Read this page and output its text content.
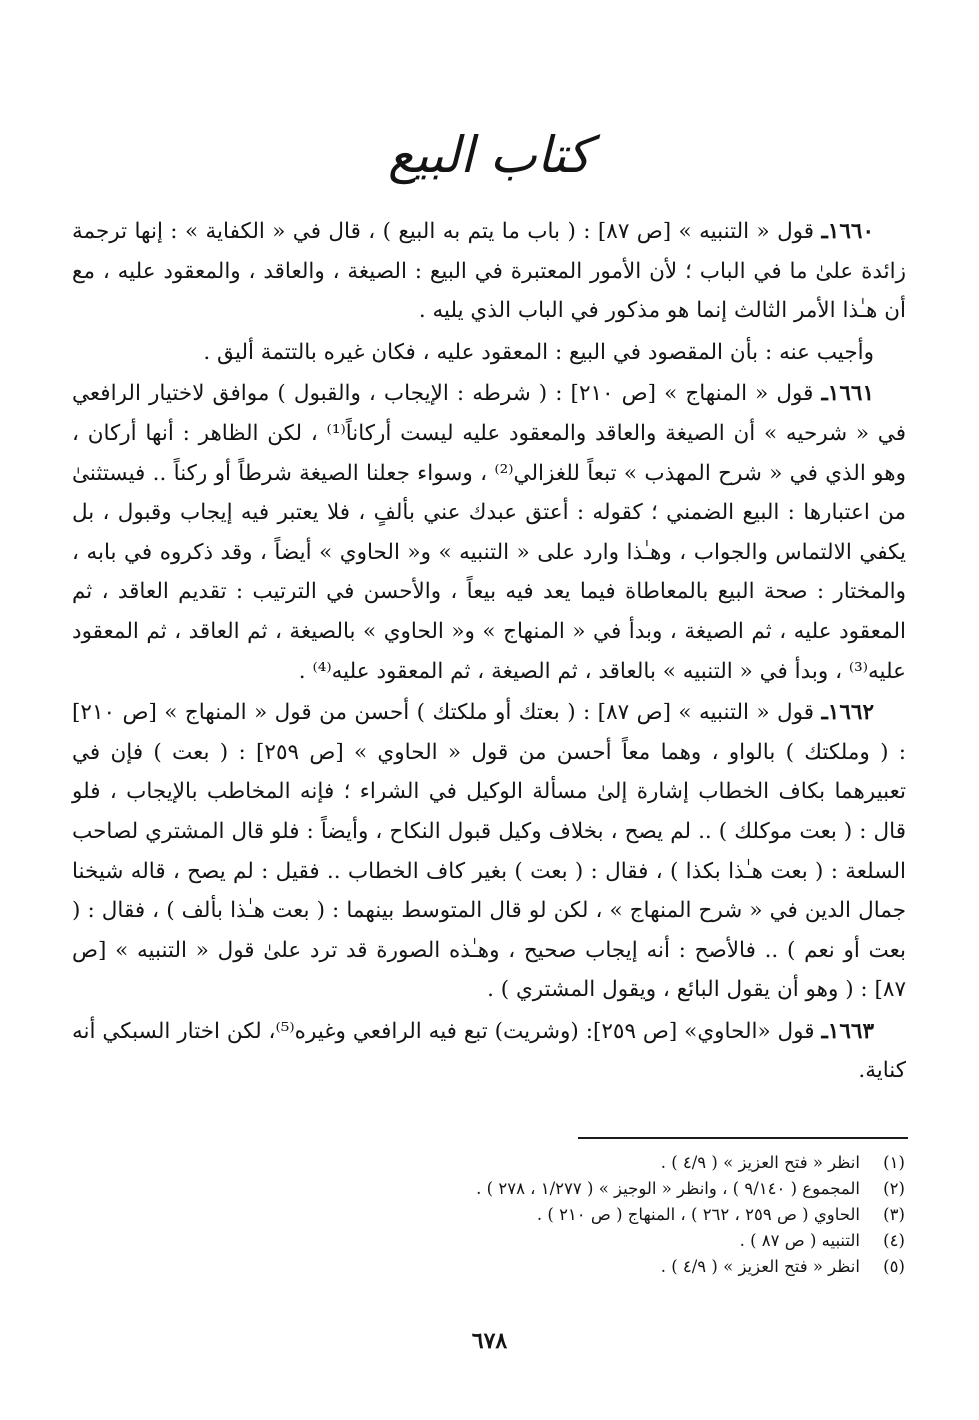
كتاب البيع

١٦٦٠ـ قول « التنبيه » [ص ٨٧] : ( باب ما يتم به البيع ) ، قال في « الكفاية » : إنها ترجمة زائدة علىٰ ما في الباب ؛ لأن الأمور المعتبرة في البيع : الصيغة ، والعاقد ، والمعقود عليه ، مع أن هـٰذا الأمر الثالث إنما هو مذكور في الباب الذي يليه .

وأجيب عنه : بأن المقصود في البيع : المعقود عليه ، فكان غيره بالتتمة أليق .

١٦٦١ـ قول « المنهاج » [ص ٢١٠] : ( شرطه : الإيجاب ، والقبول ) موافق لاختيار الرافعي في « شرحيه » أن الصيغة والعاقد والمعقود عليه ليست أركاناً⁽¹⁾ ، لكن الظاهر : أنها أركان ، وهو الذي في « شرح المهذب » تبعاً للغزالي⁽²⁾ ، وسواء جعلنا الصيغة شرطاً أو ركناً .. فيستثنىٰ من اعتبارها : البيع الضمني ؛ كقوله : أعتق عبدك عني بألفٍ ، فلا يعتبر فيه إيجاب وقبول ، بل يكفي الالتماس والجواب ، وهـٰذا وارد على « التنبيه » و« الحاوي » أيضاً ، وقد ذكروه في بابه ، والمختار : صحة البيع بالمعاطاة فيما يعد فيه بيعاً ، والأحسن في الترتيب : تقديم العاقد ، ثم المعقود عليه ، ثم الصيغة ، وبدأ في « المنهاج » و« الحاوي » بالصيغة ، ثم العاقد ، ثم المعقود عليه⁽³⁾ ، وبدأ في « التنبيه » بالعاقد ، ثم الصيغة ، ثم المعقود عليه⁽⁴⁾ .

١٦٦٢ـ قول « التنبيه » [ص ٨٧] : ( بعتك أو ملكتك ) أحسن من قول « المنهاج » [ص ٢١٠] : ( وملكتك ) بالواو ، وهما معاً أحسن من قول « الحاوي » [ص ٢٥٩] : ( بعت ) فإن في تعبيرهما بكاف الخطاب إشارة إلىٰ مسألة الوكيل في الشراء ؛ فإنه المخاطب بالإيجاب ، فلو قال : ( بعت موكلك ) .. لم يصح ، بخلاف وكيل قبول النكاح ، وأيضاً : فلو قال المشتري لصاحب السلعة : ( بعت هـٰذا بكذا ) ، فقال : ( بعت ) بغير كاف الخطاب .. فقيل : لم يصح ، قاله شيخنا جمال الدين في « شرح المنهاج » ، لكن لو قال المتوسط بينهما : ( بعت هـٰذا بألف ) ، فقال : ( بعت أو نعم ) .. فالأصح : أنه إيجاب صحيح ، وهـٰذه الصورة قد ترد علىٰ قول « التنبيه » [ص ٨٧] : ( وهو أن يقول البائع ، ويقول المشتري ) .

١٦٦٣ـ قول «الحاوي» [ص ٢٥٩]: (وشريت) تبع فيه الرافعي وغيره⁽⁵⁾، لكن اختار السبكي أنه كناية.

(١)
انظر « فتح العزيز » ( ٤/٩ ) .
(٢)
المجموع ( ٩/١٤٠ ) ، وانظر « الوجيز » ( ١/٢٧٧ ، ٢٧٨ ) .
(٣)
الحاوي ( ص ٢٥٩ ، ٢٦٢ ) ، المنهاج ( ص ٢١٠ ) .
(٤)
التنبيه ( ص ٨٧ ) .
(٥)
انظر « فتح العزيز » ( ٤/٩ ) .
٦٧٨
